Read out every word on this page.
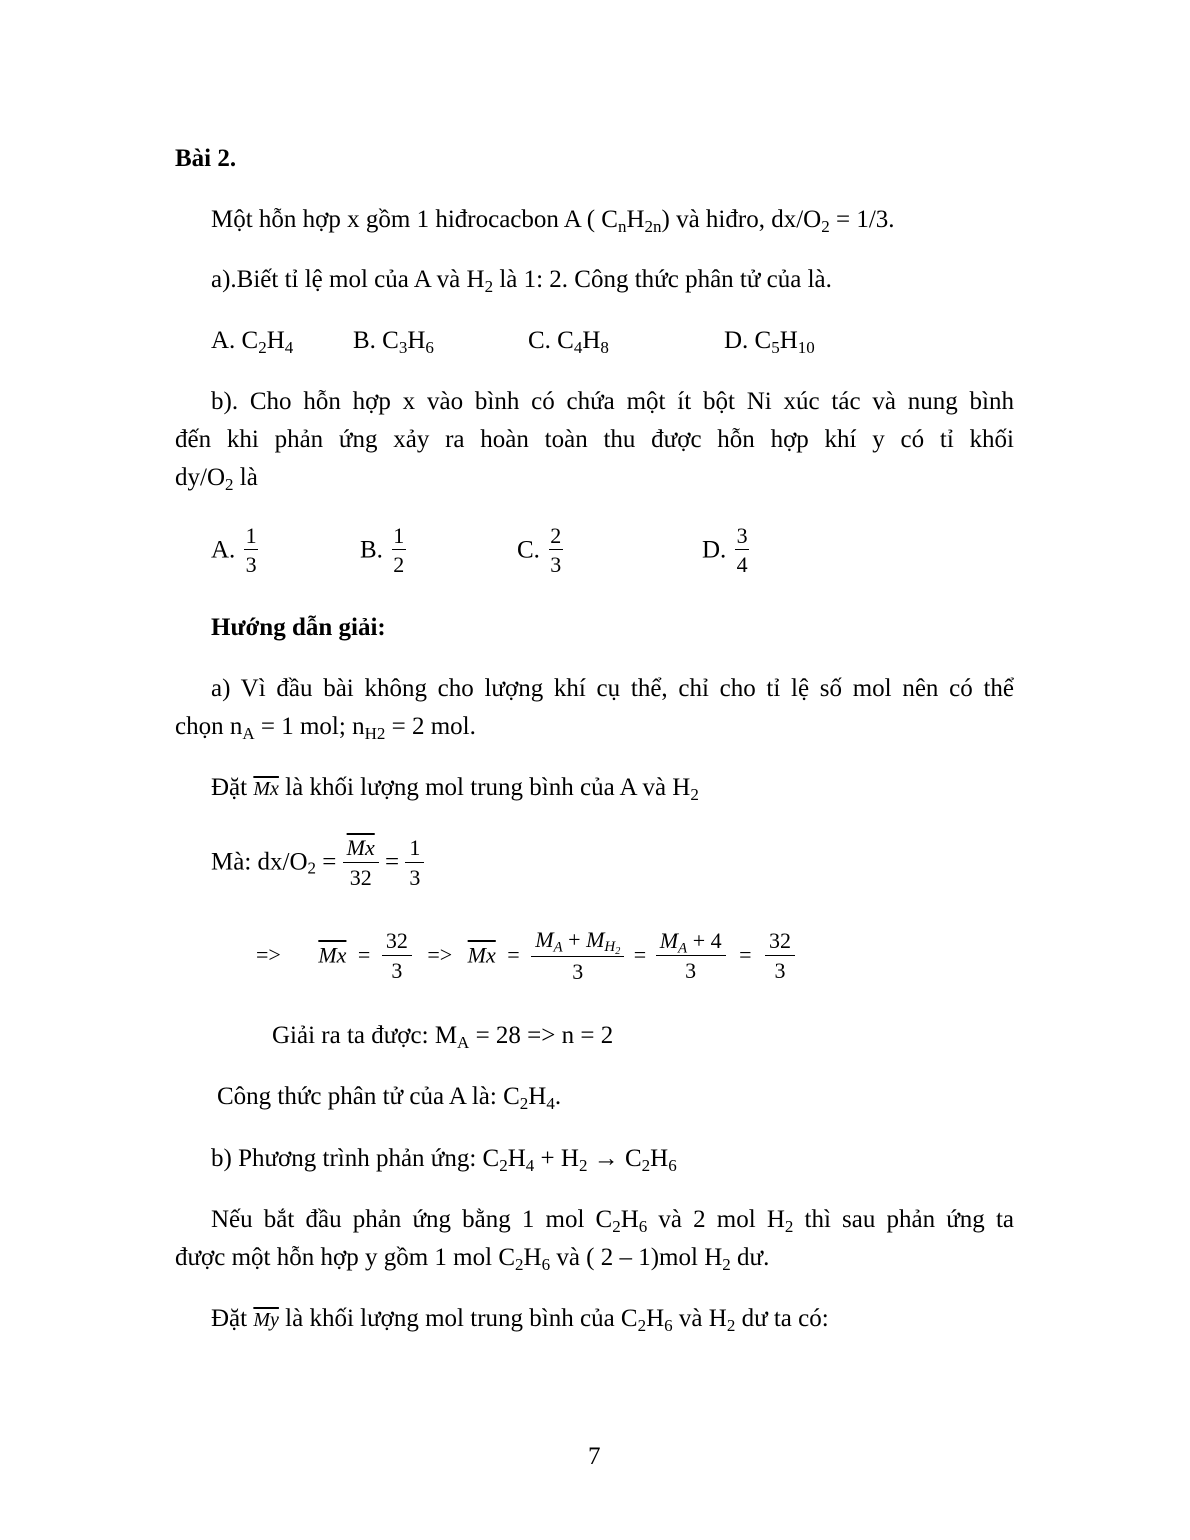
Bài 2.
Một hỗn hợp x gồm 1 hiđrocacbon A ( $C_nH_{2n}$) và hiđro, $dx/O_2 = 1/3$.
a).Biết tỉ lệ mol của A và $H_2$ là 1: 2. Công thức phân tử của là.
A. $C_2H_4$ B. $C_3H_6$	C. $C_4H_8$	D. $C_5H_{10}$
b). Cho hỗn hợp x vào bình có chứa một ít bột Ni xúc tác và nung bình
đến khi phản ứng xảy ra hoàn toàn thu được hỗn hợp khí y có tỉ khối
$dy/O_2$ là
A. $\frac{1}{3}$	B. $\frac{1}{2}$	C. $\frac{2}{3}$	D. $\frac{3}{4}$
Hướng dẫn giải:
a) Vì đầu bài không cho lượng khí cụ thể, chỉ cho tỉ lệ số mol nên có thể
chọn $n_A = 1$ mol; $n_{H2} = 2$ mol.
Đặt $\overline{Mx}$ là khối lượng mol trung bình của A và $H_2$
Mà: $dx/O_2 = \frac{\overline{Mx}}{32} = \frac{1}{3}$
=> $\overline{Mx} = \frac{32}{3} => \overline{Mx} = \frac{M_A + M_{H_2}}{3} = \frac{M_A + 4}{3} = \frac{32}{3}$
Giải ra ta được: $M_A = 28 => n = 2$
Công thức phân tử của A là: $C_2H_4$.
b) Phương trình phản ứng: $C_2H_4 + H_2 \to C_2H_6$
Nếu bắt đầu phản ứng bằng 1 mol $C_2H_6$ và 2 mol $H_2$ thì sau phản ứng ta
được một hỗn hợp y gồm 1 mol $C_2H_6$ và ( 2 – 1)mol $H_2$ dư.
Đặt $\overline{My}$ là khối lượng mol trung bình của $C_2H_6$ và $H_2$ dư ta có:
7
